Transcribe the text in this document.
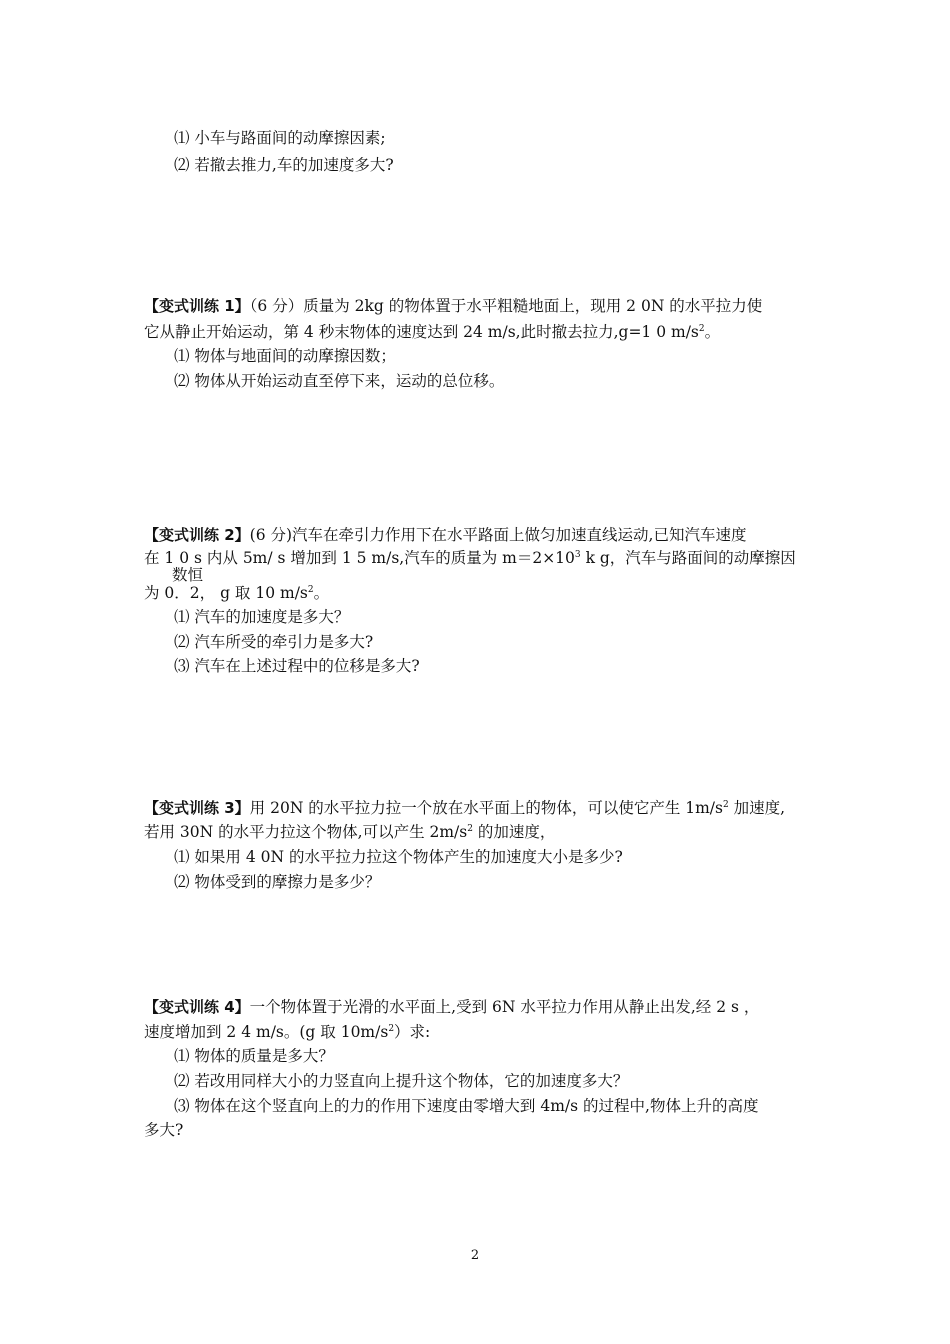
⑴ 小车与路面间的动摩擦因素;
⑵ 若撤去推力,车的加速度多大?
【变式训练 1】（6 分）质量为 2kg 的物体置于水平粗糙地面上，现用 2 0N 的水平拉力使
它从静止开始运动，第 4 秒末物体的速度达到 24 m/s,此时撤去拉力,g=1 0 $m/s^2$。
⑴ 物体与地面间的动摩擦因数；
⑵ 物体从开始运动直至停下来，运动的总位移。
【变式训练 2】(6 分)汽车在牵引力作用下在水平路面上做匀加速直线运动,已知汽车速度
在 1 0 s 内从 5m/ s 增加到 1 5 m/s,汽车的质量为 $m=2\times 10^3$ k g，汽车与路面间的动摩擦因
数恒
为 0．2， g 取 10 $m/s^2$。
⑴ 汽车的加速度是多大？
⑵ 汽车所受的牵引力是多大?
⑶ 汽车在上述过程中的位移是多大?
【变式训练 3】用 20N 的水平拉力拉一个放在水平面上的物体，可以使它产生 $1m/s^2$ 加速度,
若用 30N 的水平力拉这个物体,可以产生 $2m/s^2$ 的加速度，
⑴ 如果用 4 0N 的水平拉力拉这个物体产生的加速度大小是多少?
⑵ 物体受到的摩擦力是多少？
【变式训练 4】一个物体置于光滑的水平面上,受到 6N 水平拉力作用从静止出发,经 2 s ，
速度增加到 2 4 m/s。(g 取 $10m/s^2$）求:
⑴ 物体的质量是多大？
⑵ 若改用同样大小的力竖直向上提升这个物体，它的加速度多大？
⑶ 物体在这个竖直向上的力的作用下速度由零增大到 4m/s 的过程中,物体上升的高度
多大?
2
